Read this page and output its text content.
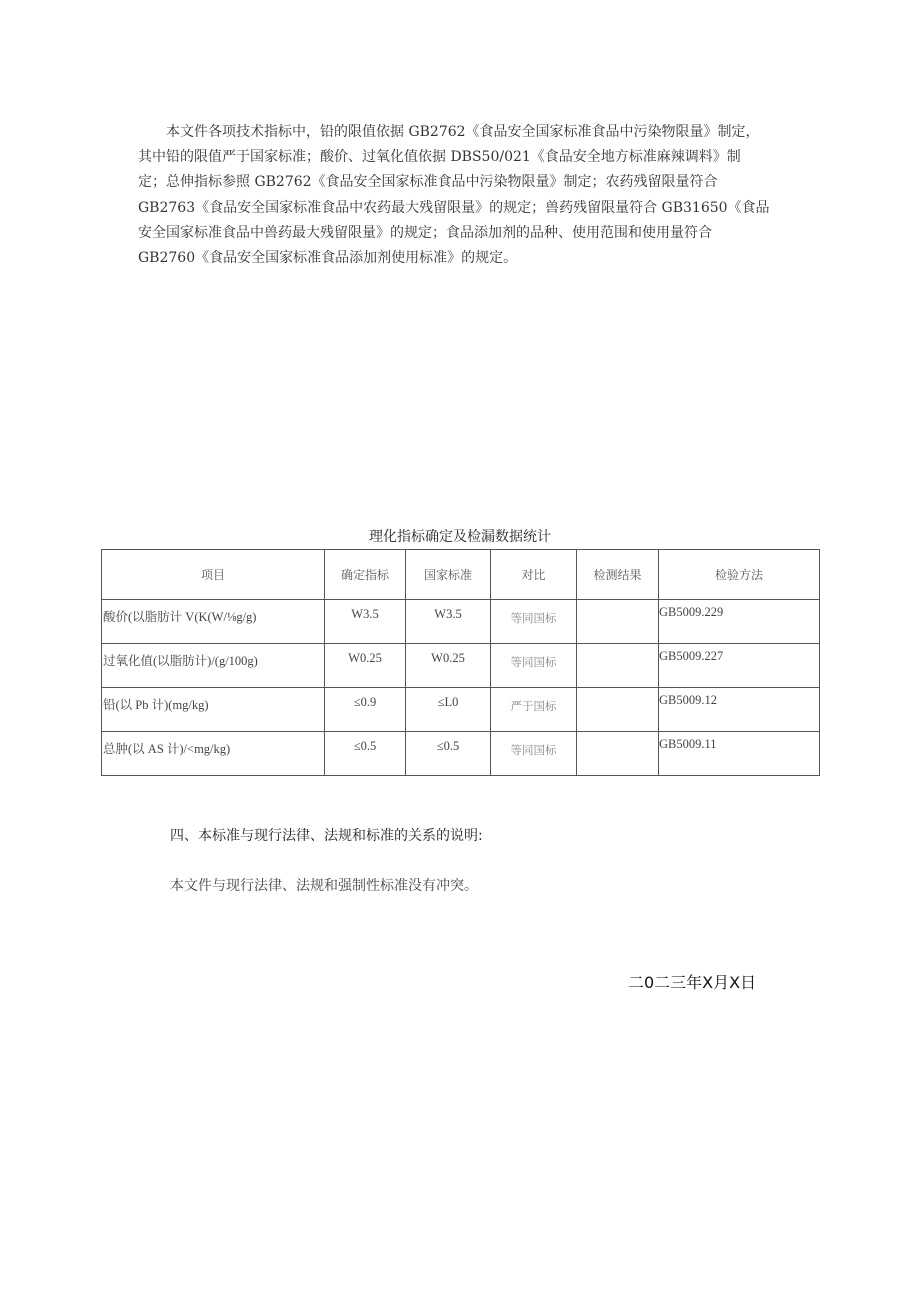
　　本文件各项技术指标中，铅的限值依据 GB2762《食品安全国家标准食品中污染物限量》制定，

其中铅的限值严于国家标准；酸价、过氧化值依据 DBS50/021《食品安全地方标准麻辣调料》制

定；总伸指标参照 GB2762《食品安全国家标准食品中污染物限量》制定；农药残留限量符合

GB2763《食品安全国家标准食品中农药最大残留限量》的规定；兽药残留限量符合 GB31650《食品

安全国家标准食品中兽药最大残留限量》的规定；食品添加剂的品种、使用范围和使用量符合

GB2760《食品安全国家标准食品添加剂使用标准》的规定。

理化指标确定及检漏数据统计
项目	确定指标	国家标准	对比	检测结果	检验方法

酸价(以脂肪计 V(K(W/⅛g/g)	W3.5	W3.5	等同国标		GB5009.229

过氧化值(以脂肪计)/(g/100g)	W0.25	W0.25	等同国标		GB5009.227

铅(以 Pb 计)(mg/kg)	≤0.9	≤L0	严于国标		GB5009.12

总肿(以 AS 计)/<mg/kg)	≤0.5	≤0.5	等同国标		GB5009.11
四、本标准与现行法律、法规和标准的关系的说明:
本文件与现行法律、法规和强制性标准没有冲突。
二0二三年X月X日
